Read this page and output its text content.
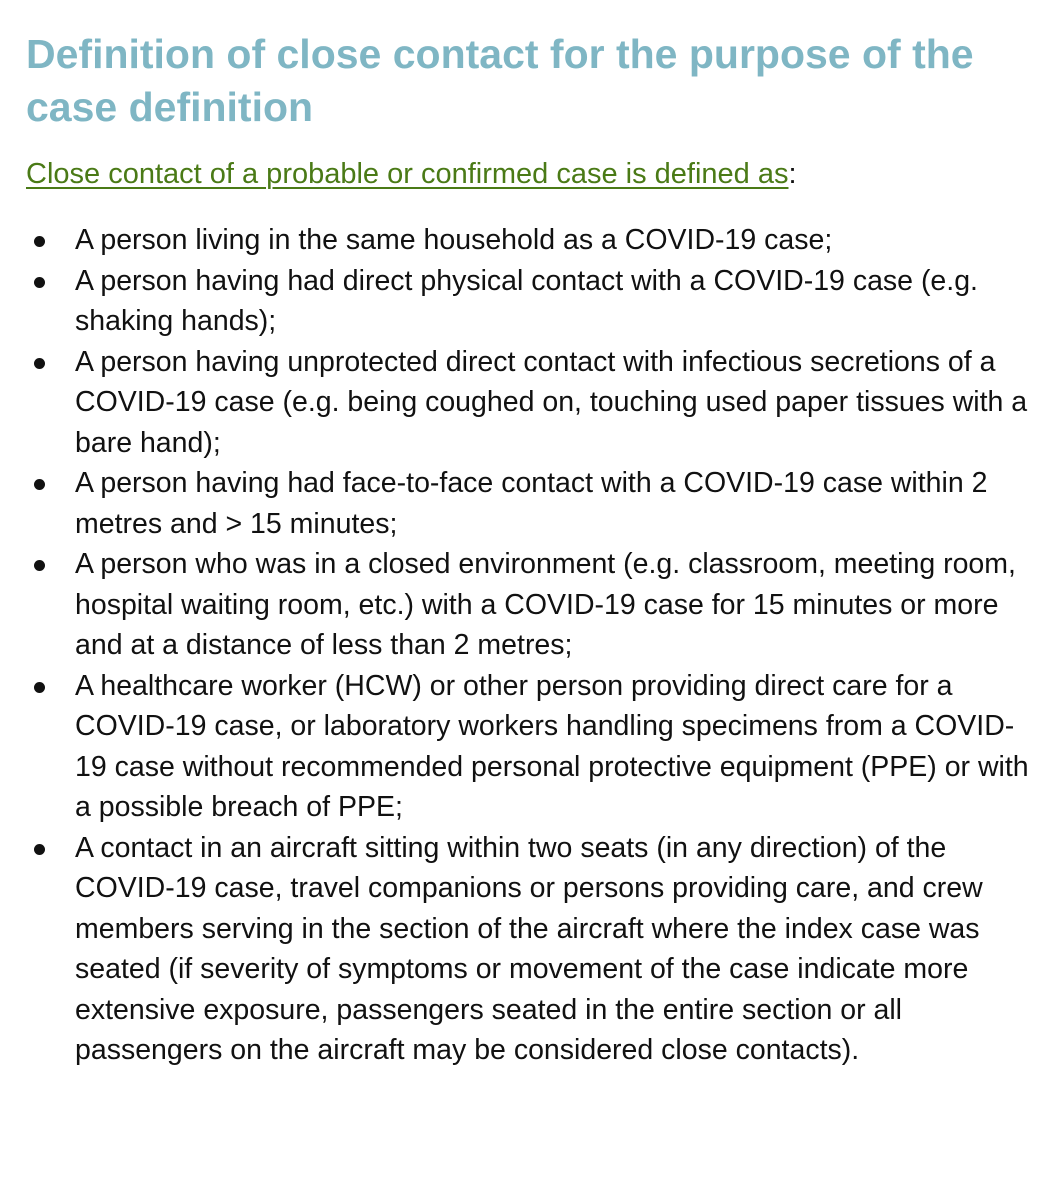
Definition of close contact for the purpose of the case definition

Close contact of a probable or confirmed case is defined as:

A person living in the same household as a COVID-19 case;
A person having had direct physical contact with a COVID-19 case (e.g. shaking hands);
A person having unprotected direct contact with infectious secretions of a COVID-19 case (e.g. being coughed on, touching used paper tissues with a bare hand);
A person having had face-to-face contact with a COVID-19 case within 2 metres and > 15 minutes;
A person who was in a closed environment (e.g. classroom, meeting room, hospital waiting room, etc.) with a COVID-19 case for 15 minutes or more and at a distance of less than 2 metres;
A healthcare worker (HCW) or other person providing direct care for a COVID-19 case, or laboratory workers handling specimens from a COVID-19 case without recommended personal protective equipment (PPE) or with a possible breach of PPE;
A contact in an aircraft sitting within two seats (in any direction) of the COVID-19 case, travel companions or persons providing care, and crew members serving in the section of the aircraft where the index case was seated (if severity of symptoms or movement of the case indicate more extensive exposure, passengers seated in the entire section or all passengers on the aircraft may be considered close contacts).
